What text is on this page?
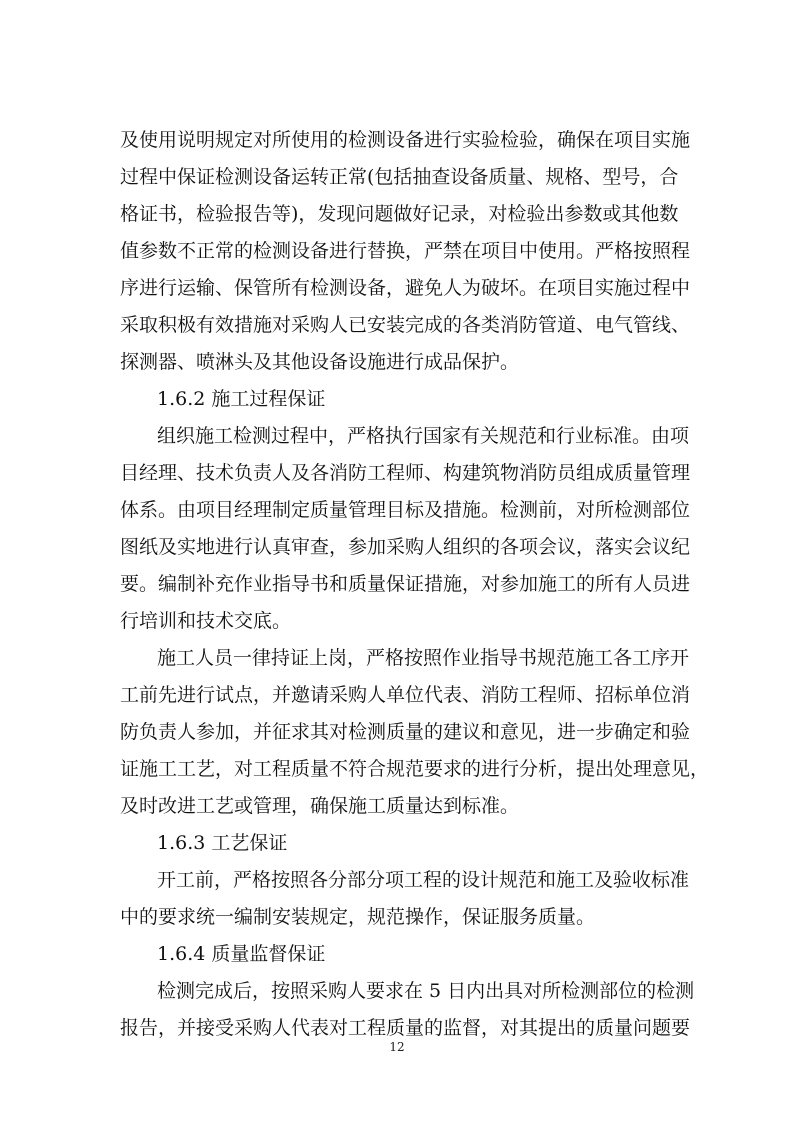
及使用说明规定对所使用的检测设备进行实验检验，确保在项目实施
过程中保证检测设备运转正常(包括抽查设备质量、规格、型号，合
格证书，检验报告等)，发现问题做好记录，对检验出参数或其他数
值参数不正常的检测设备进行替换，严禁在项目中使用。严格按照程
序进行运输、保管所有检测设备，避免人为破坏。在项目实施过程中
采取积极有效措施对采购人已安装完成的各类消防管道、电气管线、
探测器、喷淋头及其他设备设施进行成品保护。
1.6.2 施工过程保证
组织施工检测过程中，严格执行国家有关规范和行业标准。由项
目经理、技术负责人及各消防工程师、构建筑物消防员组成质量管理
体系。由项目经理制定质量管理目标及措施。检测前，对所检测部位
图纸及实地进行认真审查，参加采购人组织的各项会议，落实会议纪
要。编制补充作业指导书和质量保证措施，对参加施工的所有人员进
行培训和技术交底。
施工人员一律持证上岗，严格按照作业指导书规范施工各工序开
工前先进行试点，并邀请采购人单位代表、消防工程师、招标单位消
防负责人参加，并征求其对检测质量的建议和意见，进一步确定和验
证施工工艺，对工程质量不符合规范要求的进行分析，提出处理意见，
及时改进工艺或管理，确保施工质量达到标准。
1.6.3 工艺保证
开工前，严格按照各分部分项工程的设计规范和施工及验收标准
中的要求统一编制安装规定，规范操作，保证服务质量。
1.6.4 质量监督保证
检测完成后，按照采购人要求在 5 日内出具对所检测部位的检测
报告，并接受采购人代表对工程质量的监督，对其提出的质量问题要
12
